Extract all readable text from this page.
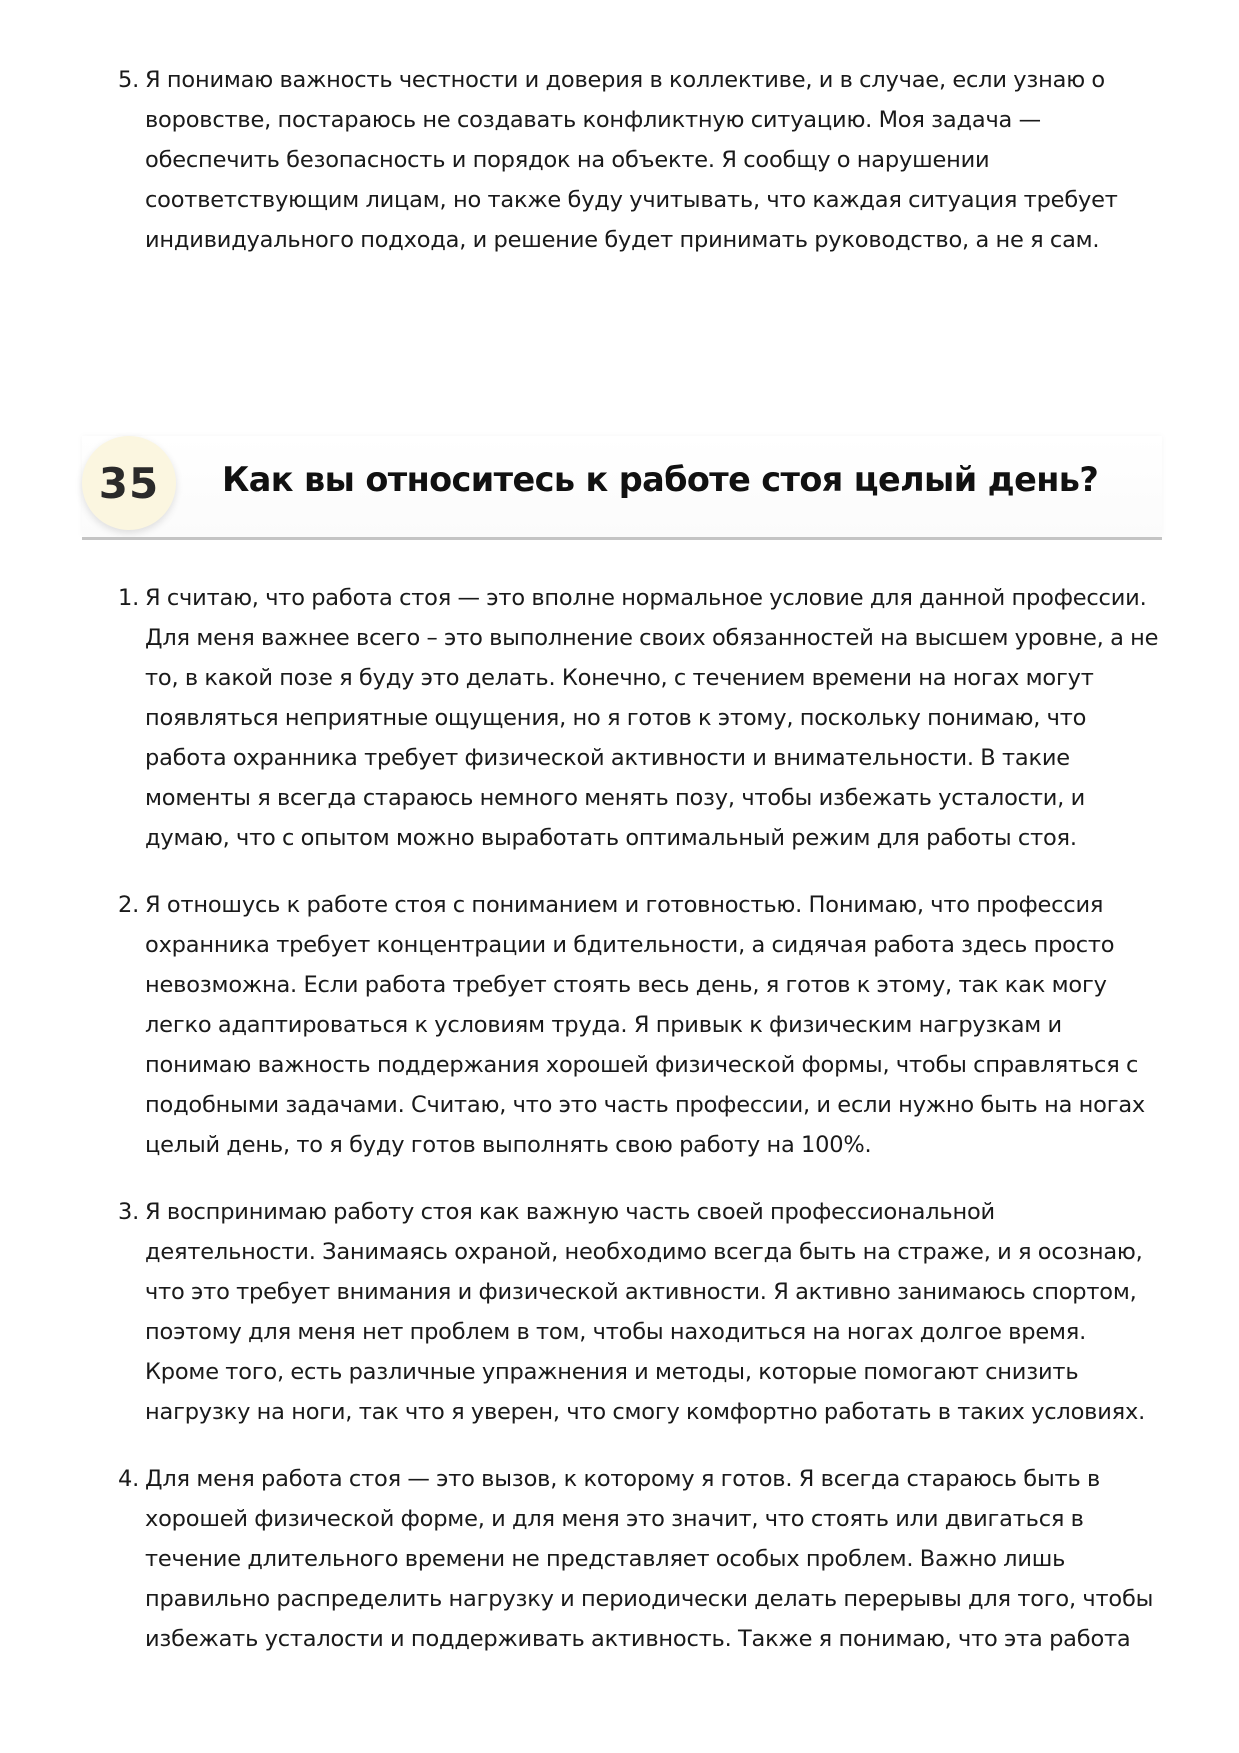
5. Я понимаю важность честности и доверия в коллективе, и в случае, если узнаю о воровстве, постараюсь не создавать конфликтную ситуацию. Моя задача — обеспечить безопасность и порядок на объекте. Я сообщу о нарушении соответствующим лицам, но также буду учитывать, что каждая ситуация требует индивидуального подхода, и решение будет принимать руководство, а не я сам.
35	Как вы относитесь к работе стоя целый день?
1. Я считаю, что работа стоя — это вполне нормальное условие для данной профессии. Для меня важнее всего – это выполнение своих обязанностей на высшем уровне, а не то, в какой позе я буду это делать. Конечно, с течением времени на ногах могут появляться неприятные ощущения, но я готов к этому, поскольку понимаю, что работа охранника требует физической активности и внимательности. В такие моменты я всегда стараюсь немного менять позу, чтобы избежать усталости, и думаю, что с опытом можно выработать оптимальный режим для работы стоя.
2. Я отношусь к работе стоя с пониманием и готовностью. Понимаю, что профессия охранника требует концентрации и бдительности, а сидячая работа здесь просто невозможна. Если работа требует стоять весь день, я готов к этому, так как могу легко адаптироваться к условиям труда. Я привык к физическим нагрузкам и понимаю важность поддержания хорошей физической формы, чтобы справляться с подобными задачами. Считаю, что это часть профессии, и если нужно быть на ногах целый день, то я буду готов выполнять свою работу на 100%.
3. Я воспринимаю работу стоя как важную часть своей профессиональной деятельности. Занимаясь охраной, необходимо всегда быть на страже, и я осознаю, что это требует внимания и физической активности. Я активно занимаюсь спортом, поэтому для меня нет проблем в том, чтобы находиться на ногах долгое время. Кроме того, есть различные упражнения и методы, которые помогают снизить нагрузку на ноги, так что я уверен, что смогу комфортно работать в таких условиях.
4. Для меня работа стоя — это вызов, к которому я готов. Я всегда стараюсь быть в хорошей физической форме, и для меня это значит, что стоять или двигаться в течение длительного времени не представляет особых проблем. Важно лишь правильно распределить нагрузку и периодически делать перерывы для того, чтобы избежать усталости и поддерживать активность. Также я понимаю, что эта работа
